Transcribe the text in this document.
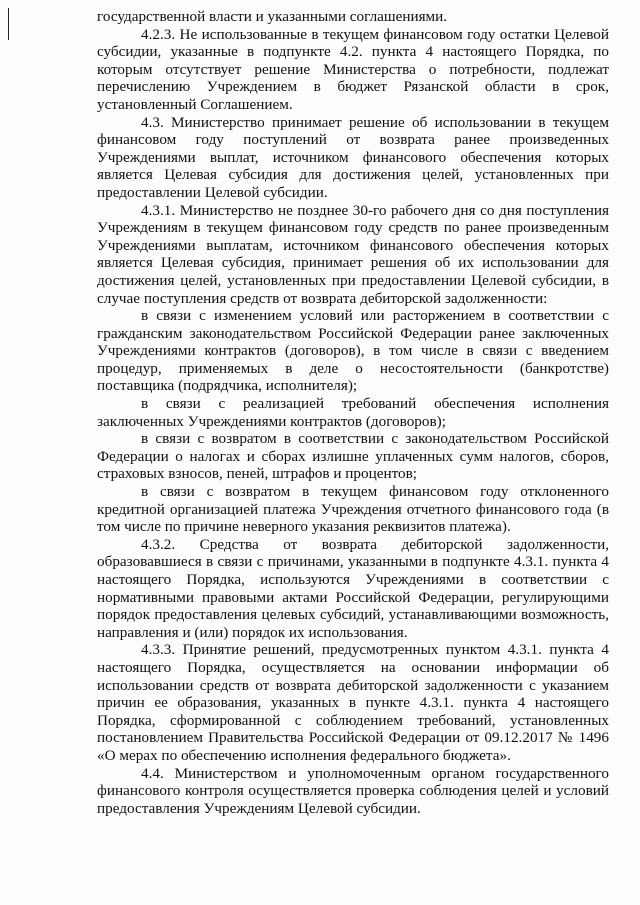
государственной власти и указанными соглашениями.

4.2.3. Не использованные в текущем финансовом году остатки Целевой субсидии, указанные в подпункте 4.2. пункта 4 настоящего Порядка, по которым отсутствует решение Министерства о потребности, подлежат перечислению Учреждением в бюджет Рязанской области в срок, установленный Соглашением.

4.3. Министерство принимает решение об использовании в текущем финансовом году поступлений от возврата ранее произведенных Учреждениями выплат, источником финансового обеспечения которых является Целевая субсидия для достижения целей, установленных при предоставлении Целевой субсидии.

4.3.1. Министерство не позднее 30-го рабочего дня со дня поступления Учреждениям в текущем финансовом году средств по ранее произведенным Учреждениями выплатам, источником финансового обеспечения которых является Целевая субсидия, принимает решения об их использовании для достижения целей, установленных при предоставлении Целевой субсидии, в случае поступления средств от возврата дебиторской задолженности:

в связи с изменением условий или расторжением в соответствии с гражданским законодательством Российской Федерации ранее заключенных Учреждениями контрактов (договоров), в том числе в связи с введением процедур, применяемых в деле о несостоятельности (банкротстве) поставщика (подрядчика, исполнителя);

в связи с реализацией требований обеспечения исполнения заключенных Учреждениями контрактов (договоров);

в связи с возвратом в соответствии с законодательством Российской Федерации о налогах и сборах излишне уплаченных сумм налогов, сборов, страховых взносов, пеней, штрафов и процентов;

в связи с возвратом в текущем финансовом году отклоненного кредитной организацией платежа Учреждения отчетного финансового года (в том числе по причине неверного указания реквизитов платежа).

4.3.2. Средства от возврата дебиторской задолженности, образовавшиеся в связи с причинами, указанными в подпункте 4.3.1. пункта 4 настоящего Порядка, используются Учреждениями в соответствии с нормативными правовыми актами Российской Федерации, регулирующими порядок предоставления целевых субсидий, устанавливающими возможность, направления и (или) порядок их использования.

4.3.3. Принятие решений, предусмотренных пунктом 4.3.1. пункта 4 настоящего Порядка, осуществляется на основании информации об использовании средств от возврата дебиторской задолженности с указанием причин ее образования, указанных в пункте 4.3.1. пункта 4 настоящего Порядка, сформированной с соблюдением требований, установленных постановлением Правительства Российской Федерации от 09.12.2017 № 1496 «О мерах по обеспечению исполнения федерального бюджета».

4.4. Министерством и уполномоченным органом государственного финансового контроля осуществляется проверка соблюдения целей и условий предоставления Учреждениям Целевой субсидии.
